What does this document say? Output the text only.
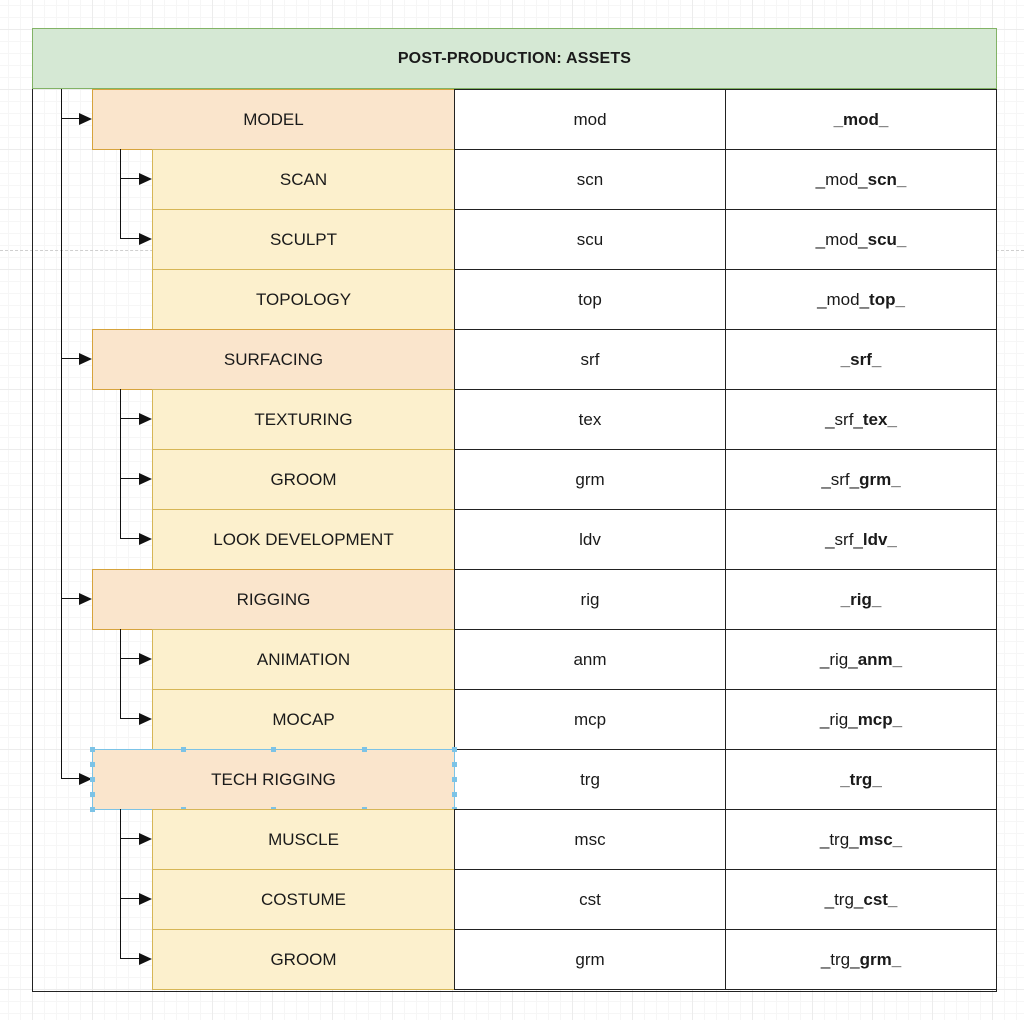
POST-PRODUCTION: ASSETS
MODEL	mod	_mod_
SCAN	scn	_mod_ scn_
SCULPT	scu	_mod_ scu_
TOPOLOGY	top	_mod_ top_
SURFACING	srf	_srf_
TEXTURING	tex	_srf_ tex_
GROOM	grm	_srf_ grm_
LOOK DEVELOPMENT	ldv	_srf_ ldv_
RIGGING	rig	_rig_
ANIMATION	anm	_rig_ anm_
MOCAP	mcp	_rig_ mcp_
TECH RIGGING	trg	_trg_
MUSCLE	msc	_trg_ msc_
COSTUME	cst	_trg_ cst_
GROOM	grm	_trg_ grm_
